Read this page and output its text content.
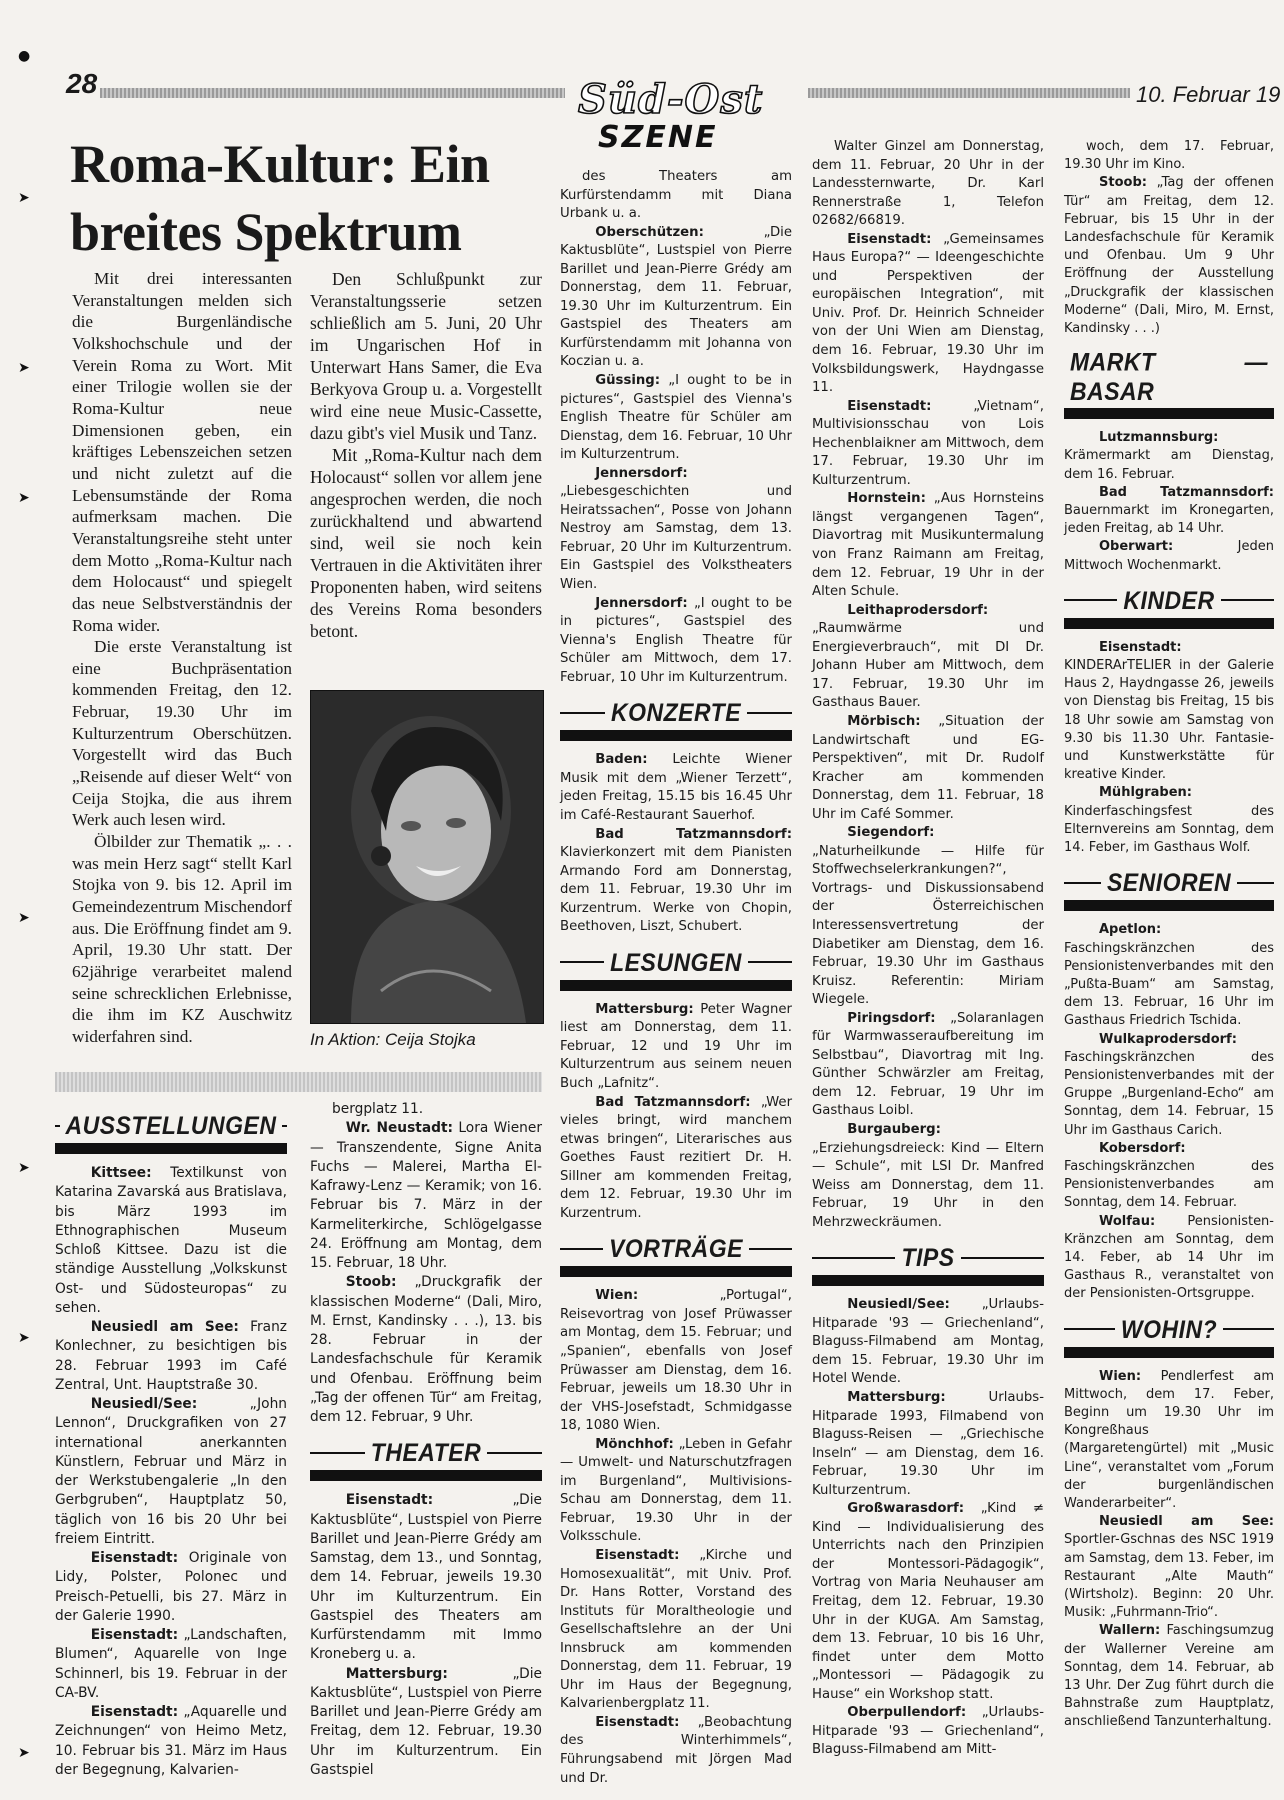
●
➤
➤
➤
➤
➤
➤
➤
28	Süd-Ost
SZENE
10. Februar 19
Roma-Kultur: Ein breites Spektrum

Mit drei interessanten Veranstaltungen melden sich die Burgenländische Volkshochschule und der Verein Roma zu Wort. Mit einer Trilogie wollen sie der Roma-Kultur neue Dimensionen geben, ein kräftiges Lebenszeichen setzen und nicht zuletzt auf die Lebensumstände der Roma aufmerksam machen. Die Veranstaltungsreihe steht unter dem Motto „Roma-Kultur nach dem Holocaust“ und spiegelt das neue Selbstverständnis der Roma wider.

Die erste Veranstaltung ist eine Buchpräsentation kommenden Freitag, den 12. Februar, 19.30 Uhr im Kulturzentrum Oberschützen. Vorgestellt wird das Buch „Reisende auf dieser Welt“ von Ceija Stojka, die aus ihrem Werk auch lesen wird.

Ölbilder zur Thematik „. . . was mein Herz sagt“ stellt Karl Stojka von 9. bis 12. April im Gemeindezentrum Mischendorf aus. Die Eröffnung findet am 9. April, 19.30 Uhr statt. Der 62jährige verarbeitet malend seine schrecklichen Erlebnisse, die ihm im KZ Auschwitz widerfahren sind.

Den Schlußpunkt zur Veranstaltungsserie setzen schließlich am 5. Juni, 20 Uhr im Ungarischen Hof in Unterwart Hans Samer, die Eva Berkyova Group u. a. Vorgestellt wird eine neue Music-Cassette, dazu gibt's viel Musik und Tanz.

Mit „Roma-Kultur nach dem Holocaust“ sollen vor allem jene angesprochen werden, die noch zurückhaltend und abwartend sind, weil sie noch kein Vertrauen in die Aktivitäten ihrer Proponenten haben, wird seitens des Vereins Roma besonders betont.

In Aktion: Ceija Stojka
AUSSTELLUNGEN

 Kittsee: Textilkunst von Katarina Zavarská aus Bratislava, bis März 1993 im Ethnographischen Museum Schloß Kittsee. Dazu ist die ständige Ausstellung „Volkskunst Ost- und Südosteuropas“ zu sehen.

 Neusiedl am See: Franz Konlechner, zu besichtigen bis 28. Februar 1993 im Café Zentral, Unt. Hauptstraße 30.

 Neusiedl/See:	„John Lennon“, Druckgrafiken von 27 international anerkannten Künstlern, Februar und März in der Werkstubengalerie „In den Gerbgruben“, Hauptplatz 50, täglich von 16 bis 20 Uhr bei freiem Eintritt.

 Eisenstadt: Originale von Lidy, Polster, Polonec und Preisch-Petuelli, bis 27. März in der Galerie 1990.

 Eisenstadt: „Landschaften, Blumen“, Aquarelle von Inge Schinnerl, bis 19. Februar in der CA-BV.

 Eisenstadt: „Aquarelle und Zeichnungen“ von Heimo Metz, 10. Februar bis 31. März im Haus der Begegnung, Kalvarien-

bergplatz 11.

 Wr. Neustadt: Lora Wiener — Transzendente, Signe Anita Fuchs — Malerei, Martha El-Kafrawy-Lenz — Keramik; von 16. Februar bis 7. März in der Karmeliterkirche, Schlögelgasse 24. Eröffnung am Montag, dem 15. Februar, 18 Uhr.

 Stoob: „Druckgrafik der klassischen Moderne“ (Dali, Miro, M. Ernst, Kandinsky . . .), 13. bis 28. Februar in der Landesfachschule für Keramik und Ofenbau. Eröffnung beim „Tag der offenen Tür“ am Freitag, dem 12. Februar, 9 Uhr.

THEATER

 Eisenstadt:	„Die Kaktusblüte“, Lustspiel von Pierre Barillet und Jean-Pierre Grédy am Samstag, dem 13., und Sonntag, dem 14. Februar, jeweils 19.30 Uhr im Kulturzentrum. Ein Gastspiel des Theaters am Kurfürstendamm mit Immo Kroneberg u. a.

 Mattersburg:	„Die Kaktusblüte“, Lustspiel von Pierre Barillet und Jean-Pierre Grédy am Freitag, dem 12. Februar, 19.30 Uhr im Kulturzentrum. Ein Gastspiel

des Theaters am Kurfürstendamm mit Diana Urbank u. a.

 Oberschützen:	„Die Kaktusblüte“, Lustspiel von Pierre Barillet und Jean-Pierre Grédy am Donnerstag, dem 11. Februar, 19.30 Uhr im Kulturzentrum. Ein Gastspiel des Theaters am Kurfürstendamm mit Johanna von Koczian u. a.

 Güssing: „I ought to be in pictures“, Gastspiel des Vienna's English Theatre für Schüler am Dienstag, dem 16. Februar, 10 Uhr im Kulturzentrum.

 Jennersdorf: „Liebesgeschichten und Heiratssachen“, Posse von Johann Nestroy am Samstag, dem 13. Februar, 20 Uhr im Kulturzentrum. Ein Gastspiel des Volkstheaters Wien.

 Jennersdorf: „I ought to be in pictures“, Gastspiel des Vienna's English Theatre für Schüler am Mittwoch, dem 17. Februar, 10 Uhr im Kulturzentrum.

KONZERTE

 Baden: Leichte Wiener Musik mit dem „Wiener Terzett“, jeden Freitag, 15.15 bis 16.45 Uhr im Café-Restaurant Sauerhof.

 Bad Tatzmannsdorf: Klavierkonzert mit dem Pianisten Armando Ford am Donnerstag, dem 11. Februar, 19.30 Uhr im Kurzentrum. Werke von Chopin, Beethoven, Liszt, Schubert.

LESUNGEN

 Mattersburg: Peter Wagner liest am Donnerstag, dem 11. Februar, 12 und 19 Uhr im Kulturzentrum aus seinem neuen Buch „Lafnitz“.

 Bad Tatzmannsdorf: „Wer vieles bringt, wird manchem etwas bringen“, Literarisches aus Goethes Faust rezitiert Dr. H. Sillner am kommenden Freitag, dem 12. Februar, 19.30 Uhr im Kurzentrum.

VORTRÄGE

 Wien:	„Portugal“, Reisevortrag von Josef Prüwasser am Montag, dem 15. Februar; und „Spanien“, ebenfalls von Josef Prüwasser am Dienstag, dem 16. Februar, jeweils um 18.30 Uhr in der VHS-Josefstadt, Schmidgasse 18, 1080 Wien.

 Mönchhof: „Leben in Gefahr — Umwelt- und Naturschutzfragen im Burgenland“, Multivisions-Schau am Donnerstag, dem 11. Februar, 19.30 Uhr in der Volksschule.

 Eisenstadt: „Kirche und Homosexualität“, mit Univ. Prof. Dr. Hans Rotter, Vorstand des Instituts für Moraltheologie und Gesellschaftslehre an der Uni Innsbruck am kommenden Donnerstag, dem 11. Februar, 19 Uhr im Haus der Begegnung, Kalvarienbergplatz 11.

 Eisenstadt: „Beobachtung des Winterhimmels“, Führungsabend mit Jörgen Mad und Dr.

Walter Ginzel am Donnerstag, dem 11. Februar, 20 Uhr in der Landessternwarte, Dr. Karl Rennerstraße 1, Telefon 02682/66819.

 Eisenstadt: „Gemeinsames Haus Europa?“ — Ideengeschichte und Perspektiven der europäischen Integration“, mit Univ. Prof. Dr. Heinrich Schneider von der Uni Wien am Dienstag, dem 16. Februar, 19.30 Uhr im Volksbildungswerk, Haydngasse 11.

 Eisenstadt:	„Vietnam“, Multivisionsschau von Lois Hechenblaikner am Mittwoch, dem 17. Februar, 19.30 Uhr im Kulturzentrum.

 Hornstein: „Aus Hornsteins längst vergangenen Tagen“, Diavortrag mit Musikuntermalung von Franz Raimann am Freitag, dem 12. Februar, 19 Uhr in der Alten Schule.

 Leithaprodersdorf: „Raumwärme und Energieverbrauch“, mit DI Dr. Johann Huber am Mittwoch, dem 17. Februar, 19.30 Uhr im Gasthaus Bauer.

 Mörbisch: „Situation der Landwirtschaft und EG-Perspektiven“, mit Dr. Rudolf Kracher am kommenden Donnerstag, dem 11. Februar, 18 Uhr im Café Sommer.

 Siegendorf: „Naturheilkunde — Hilfe für Stoffwechselerkrankungen?“, Vortrags- und Diskussionsabend der Österreichischen Interessensvertretung der Diabetiker am Dienstag, dem 16. Februar, 19.30 Uhr im Gasthaus Kruisz. Referentin: Miriam Wiegele.

 Piringsdorf: „Solaranlagen für Warmwasseraufbereitung im Selbstbau“, Diavortrag mit Ing. Günther Schwärzler am Freitag, dem 12. Februar, 19 Uhr im Gasthaus Loibl.

 Burgauberg: „Erziehungsdreieck: Kind — Eltern — Schule“, mit LSI Dr. Manfred Weiss am Donnerstag, dem 11. Februar, 19 Uhr in den Mehrzweckräumen.

TIPS

 Neusiedl/See: „Urlaubs-Hitparade '93 — Griechenland“, Blaguss-Filmabend am Montag, dem 15. Februar, 19.30 Uhr im Hotel Wende.

 Mattersburg:	Urlaubs-Hitparade 1993, Filmabend von Blaguss-Reisen — „Griechische Inseln“ — am Dienstag, dem 16. Februar, 19.30 Uhr im Kulturzentrum.

 Großwarasdorf: „Kind ≠ Kind — Individualisierung des Unterrichts nach den Prinzipien der Montessori-Pädagogik“, Vortrag von Maria Neuhauser am Freitag, dem 12. Februar, 19.30 Uhr in der KUGA. Am Samstag, dem 13. Februar, 10 bis 16 Uhr, findet unter dem Motto „Montessori — Pädagogik zu Hause“ ein Workshop statt.

 Oberpullendorf: „Urlaubs-Hitparade '93 — Griechenland“, Blaguss-Filmabend am Mitt-

woch, dem 17. Februar, 19.30 Uhr im Kino.

 Stoob: „Tag der offenen Tür“ am Freitag, dem 12. Februar, bis 15 Uhr in der Landesfachschule für Keramik und Ofenbau. Um 9 Uhr Eröffnung der Ausstellung „Druckgrafik der klassischen Moderne“ (Dali, Miro, M. Ernst, Kandinsky . . .)

MARKT — BASAR

 Lutzmannsburg: Krämermarkt am Dienstag, dem 16. Februar.

 Bad Tatzmannsdorf: Bauernmarkt im Kronegarten, jeden Freitag, ab 14 Uhr.

 Oberwart:	Jeden Mittwoch Wochenmarkt.

KINDER

 Eisenstadt: KINDERArTELIER in der Galerie Haus 2, Haydngasse 26, jeweils von Dienstag bis Freitag, 15 bis 18 Uhr sowie am Samstag von 9.30 bis 11.30 Uhr. Fantasie- und Kunstwerkstätte für kreative Kinder.

 Mühlgraben: Kinderfaschingsfest des Elternvereins am Sonntag, dem 14. Feber, im Gasthaus Wolf.

SENIOREN

 Apetlon: Faschingskränzchen des Pensionistenverbandes mit den „Pußta-Buam“ am Samstag, dem 13. Februar, 16 Uhr im Gasthaus Friedrich Tschida.

 Wulkaprodersdorf: Faschingskränzchen des Pensionistenverbandes mit der Gruppe „Burgenland-Echo“ am Sonntag, dem 14. Februar, 15 Uhr im Gasthaus Carich.

 Kobersdorf: Faschingskränzchen des Pensionistenverbandes am Sonntag, dem 14. Februar.

 Wolfau: Pensionisten-Kränzchen am Sonntag, dem 14. Feber, ab 14 Uhr im Gasthaus R., veranstaltet von der Pensionisten-Ortsgruppe.

WOHIN?

 Wien: Pendlerfest am Mittwoch, dem 17. Feber, Beginn um 19.30 Uhr im Kongreßhaus (Margaretengürtel) mit „Music Line“, veranstaltet vom „Forum der burgenländischen Wanderarbeiter“.

 Neusiedl am See: Sportler-Gschnas des NSC 1919 am Samstag, dem 13. Feber, im Restaurant „Alte Mauth“ (Wirtsholz). Beginn: 20 Uhr. Musik: „Fuhrmann-Trio“.

 Wallern: Faschingsumzug der Wallerner Vereine am Sonntag, dem 14. Februar, ab 13 Uhr. Der Zug führt durch die Bahnstraße zum Hauptplatz, anschließend Tanzunterhaltung.
